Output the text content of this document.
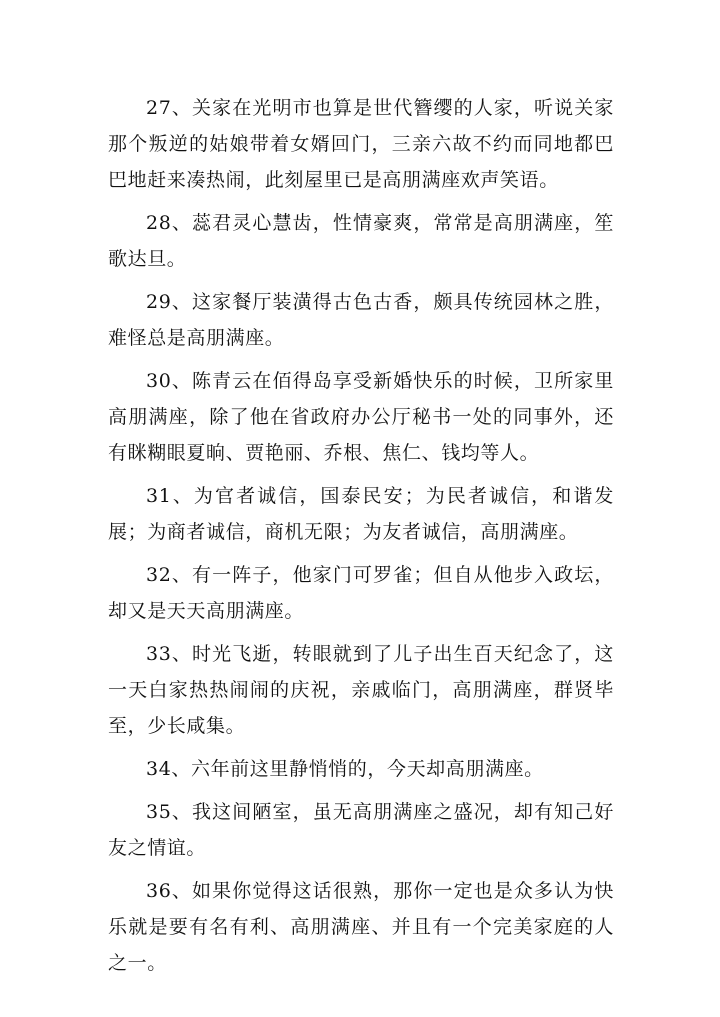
27、关家在光明市也算是世代簪缨的人家，听说关家那个叛逆的姑娘带着女婿回门，三亲六故不约而同地都巴巴地赶来凑热闹，此刻屋里已是高朋满座欢声笑语。

28、蕊君灵心慧齿，性情豪爽，常常是高朋满座，笙歌达旦。

29、这家餐厅装潢得古色古香，颇具传统园林之胜，难怪总是高朋满座。

30、陈青云在佰得岛享受新婚快乐的时候，卫所家里高朋满座，除了他在省政府办公厅秘书一处的同事外，还有眯糊眼夏晌、贾艳丽、乔根、焦仁、钱均等人。

31、为官者诚信，国泰民安；为民者诚信，和谐发展；为商者诚信，商机无限；为友者诚信，高朋满座。

32、有一阵子，他家门可罗雀；但自从他步入政坛，却又是天天高朋满座。

33、时光飞逝，转眼就到了儿子出生百天纪念了，这一天白家热热闹闹的庆祝，亲戚临门，高朋满座，群贤毕至，少长咸集。

34、六年前这里静悄悄的，今天却高朋满座。

35、我这间陋室，虽无高朋满座之盛况，却有知己好友之情谊。

36、如果你觉得这话很熟，那你一定也是众多认为快乐就是要有名有利、高朋满座、并且有一个完美家庭的人之一。
